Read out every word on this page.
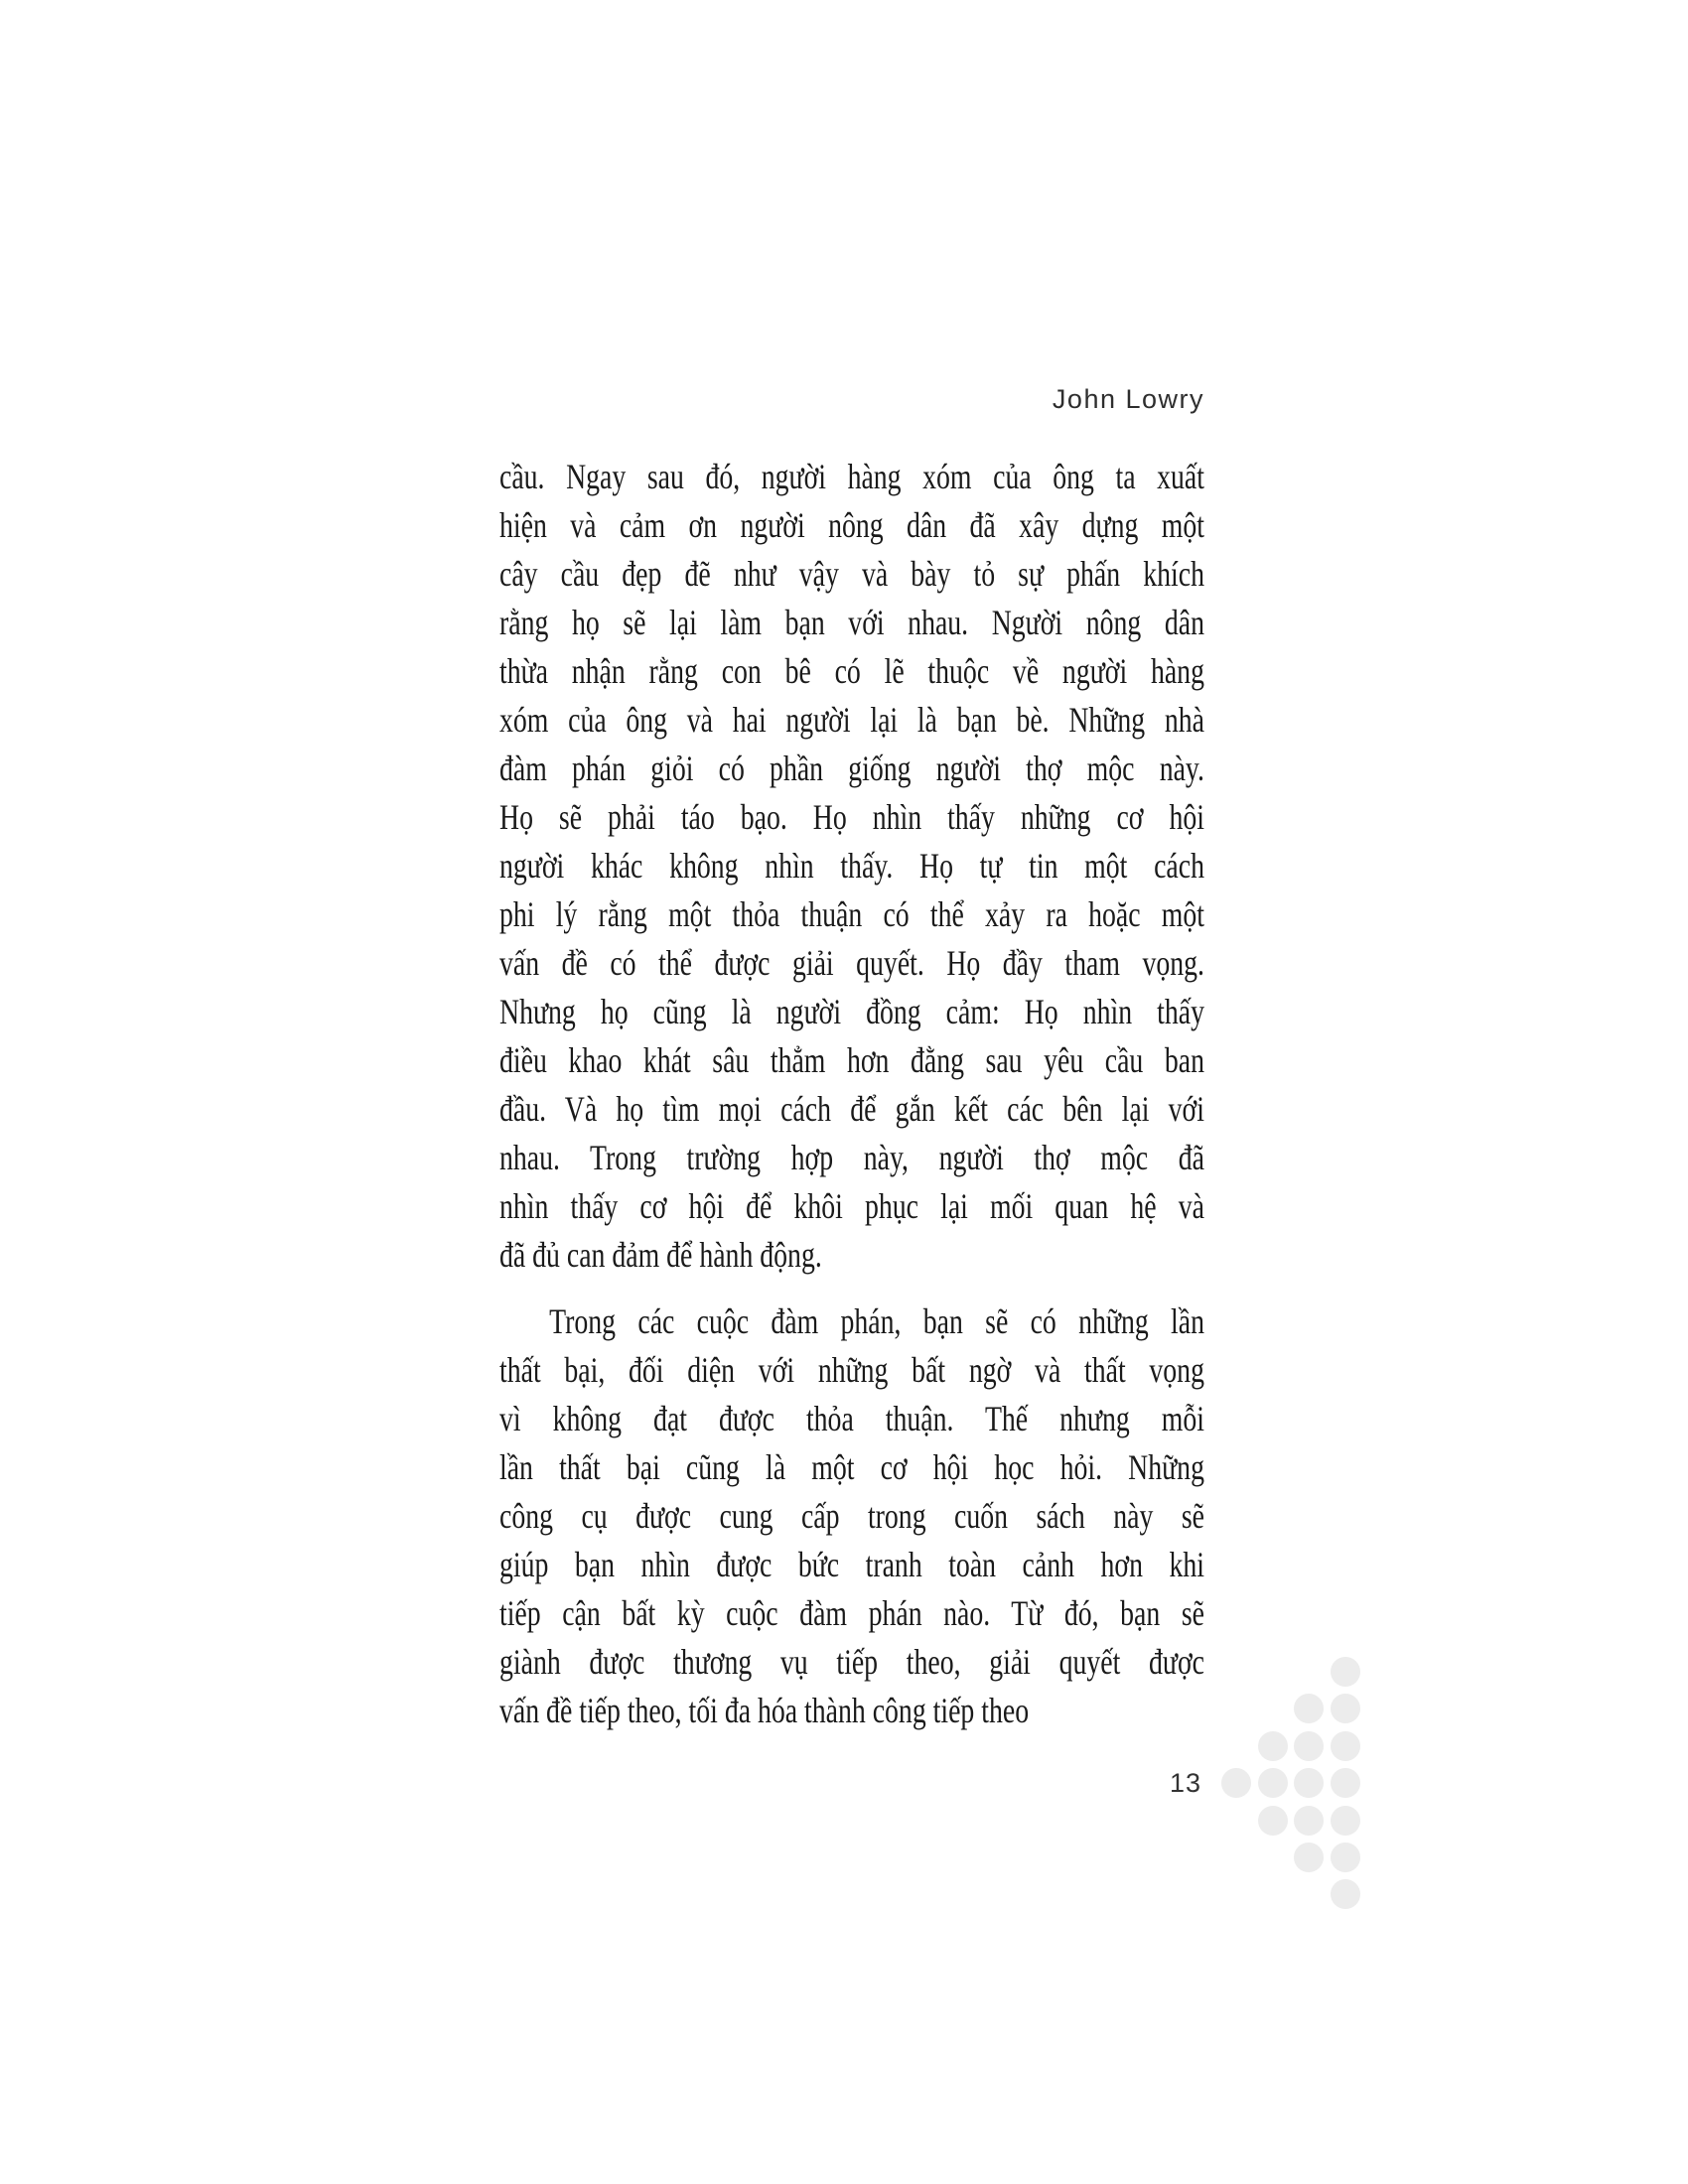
John Lowry
cầu. Ngay sau đó, người hàng xóm của ông ta xuất
hiện và cảm ơn người nông dân đã xây dựng một
cây cầu đẹp đẽ như vậy và bày tỏ sự phấn khích
rằng họ sẽ lại làm bạn với nhau. Người nông dân
thừa nhận rằng con bê có lẽ thuộc về người hàng
xóm của ông và hai người lại là bạn bè. Những nhà
đàm phán giỏi có phần giống người thợ mộc này.
Họ sẽ phải táo bạo. Họ nhìn thấy những cơ hội
người khác không nhìn thấy. Họ tự tin một cách
phi lý rằng một thỏa thuận có thể xảy ra hoặc một
vấn đề có thể được giải quyết. Họ đầy tham vọng.
Nhưng họ cũng là người đồng cảm: Họ nhìn thấy
điều khao khát sâu thẳm hơn đằng sau yêu cầu ban
đầu. Và họ tìm mọi cách để gắn kết các bên lại với
nhau. Trong trường hợp này, người thợ mộc đã
nhìn thấy cơ hội để khôi phục lại mối quan hệ và
đã đủ can đảm để hành động.
Trong các cuộc đàm phán, bạn sẽ có những lần
thất bại, đối diện với những bất ngờ và thất vọng
vì không đạt được thỏa thuận. Thế nhưng mỗi
lần thất bại cũng là một cơ hội học hỏi. Những
công cụ được cung cấp trong cuốn sách này sẽ
giúp bạn nhìn được bức tranh toàn cảnh hơn khi
tiếp cận bất kỳ cuộc đàm phán nào. Từ đó, bạn sẽ
giành được thương vụ tiếp theo, giải quyết được
vấn đề tiếp theo, tối đa hóa thành công tiếp theo
13
